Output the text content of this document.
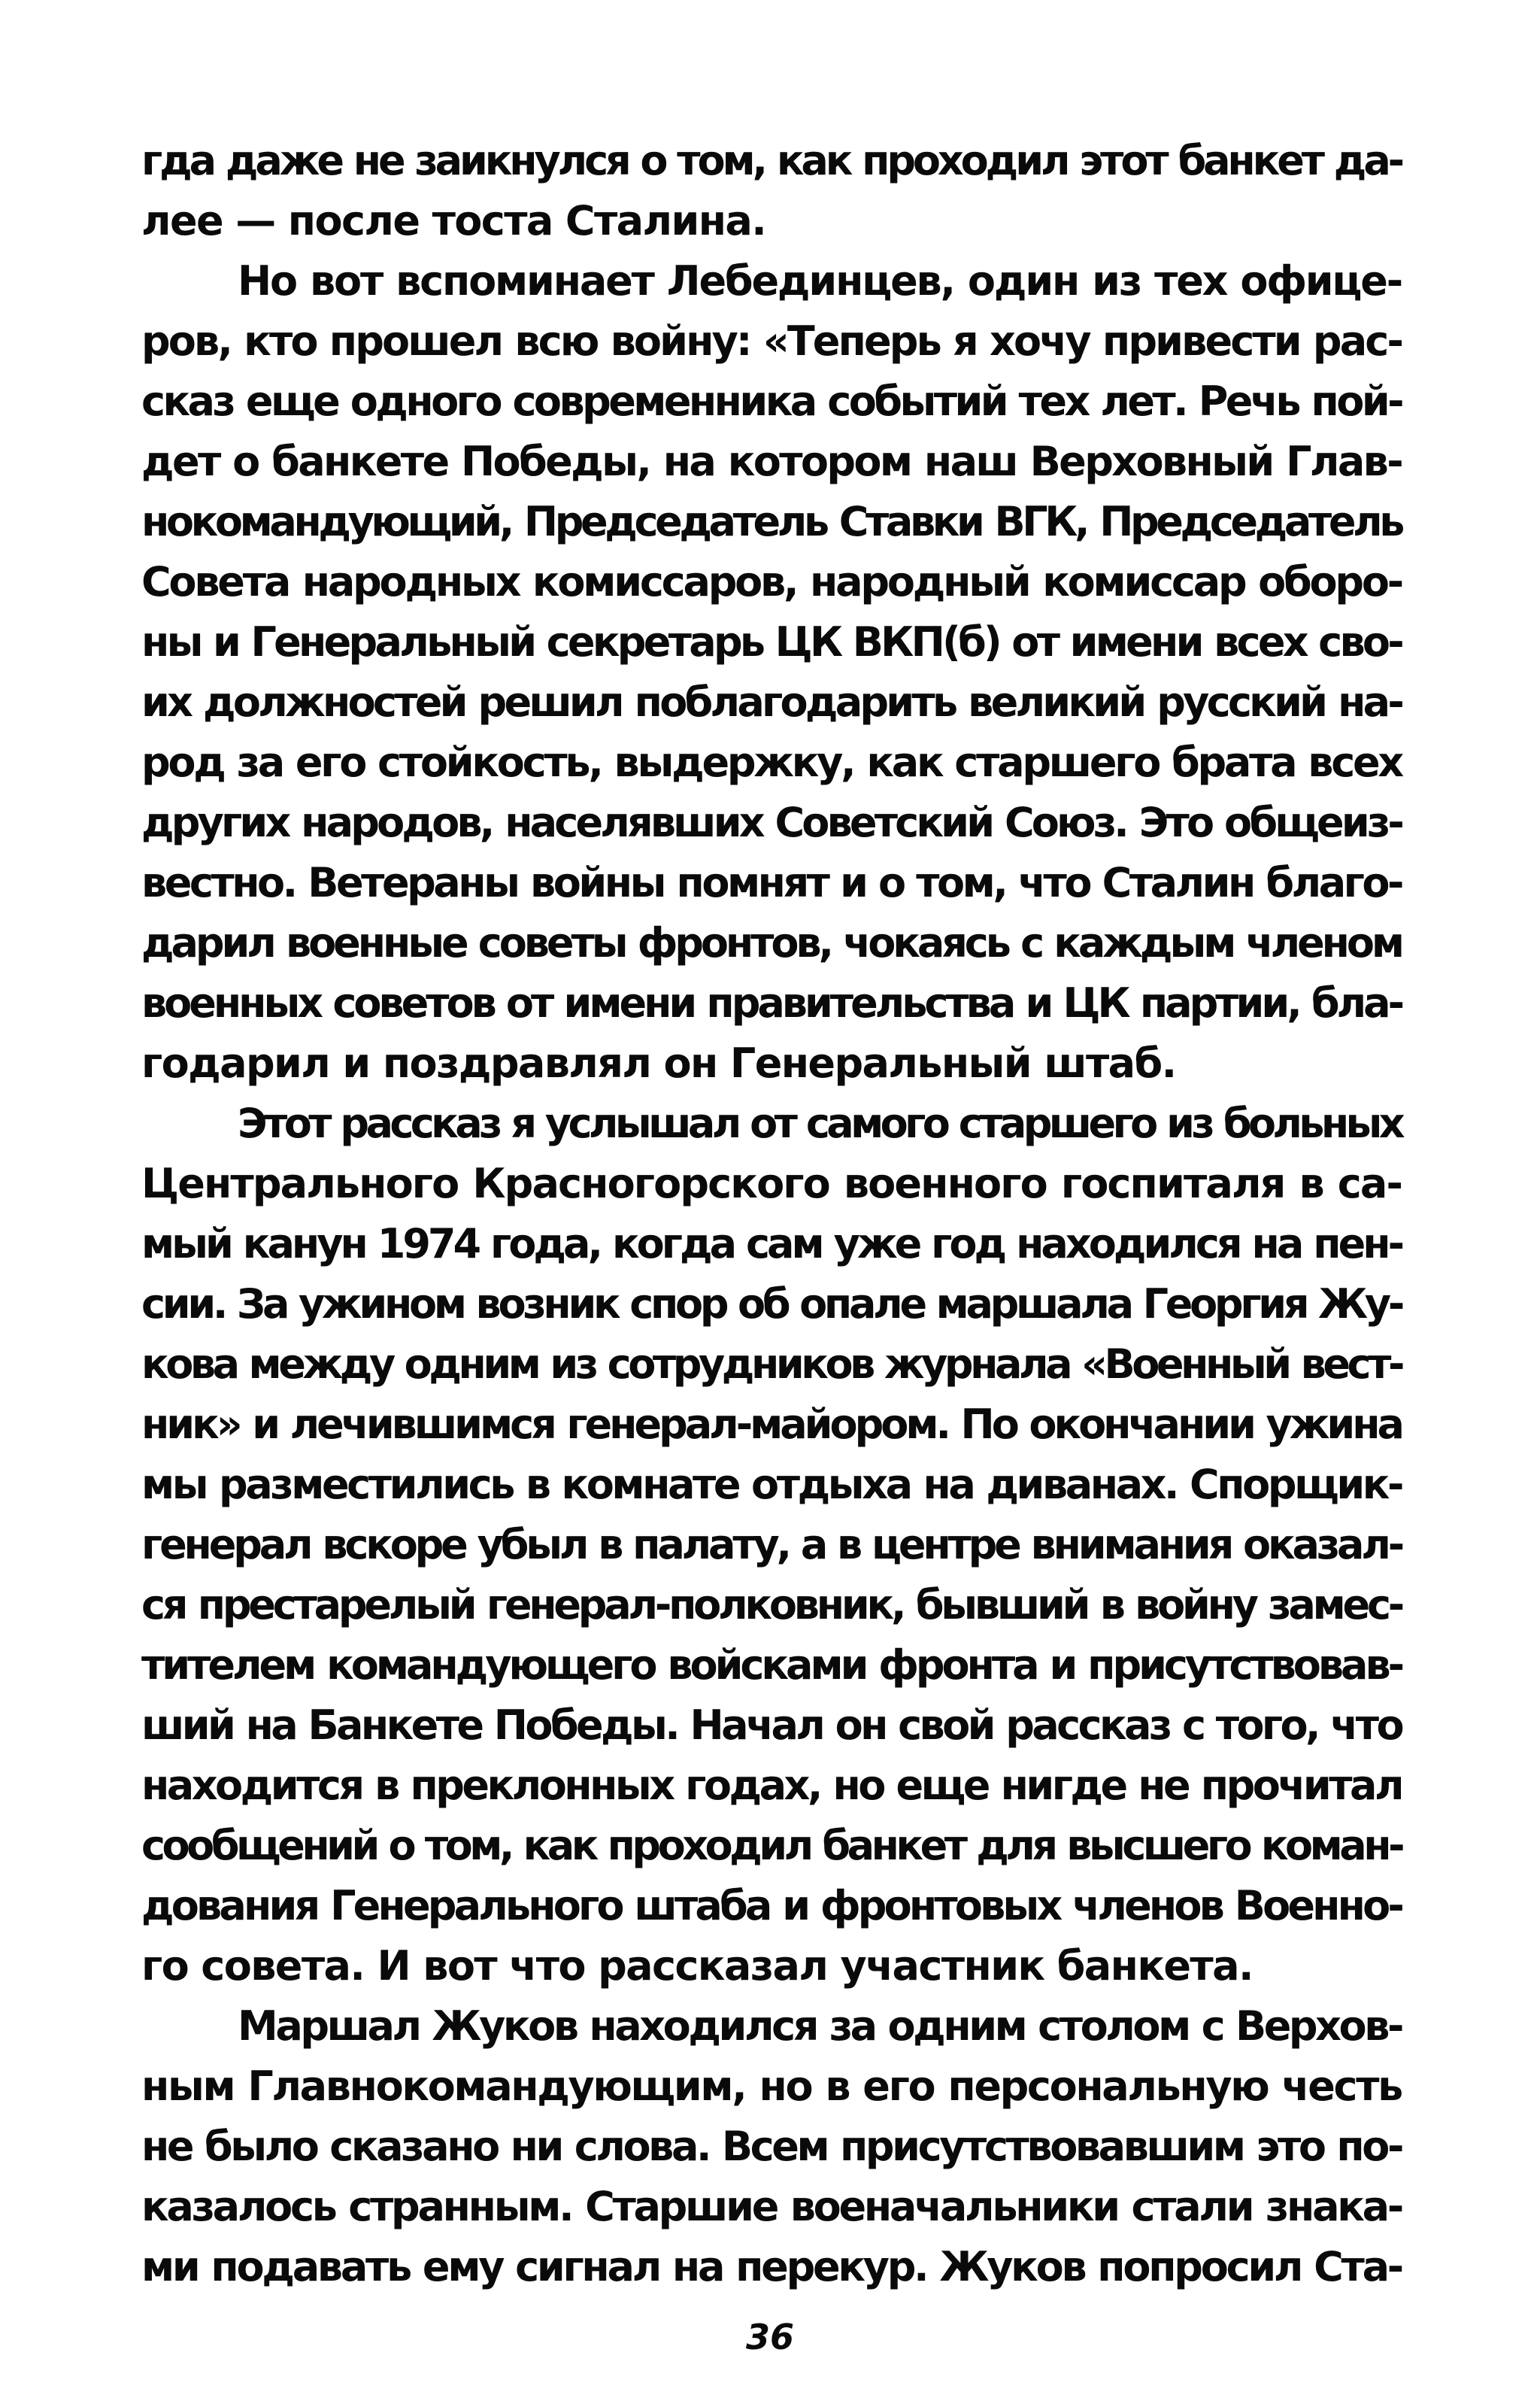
гда даже не заикнулся о том, как проходил этот банкет да-
лее — после тоста Сталина.
Но вот вспоминает Лебединцев, один из тех офице-
ров, кто прошел всю войну: «Теперь я хочу привести рас-
сказ еще одного современника событий тех лет. Речь пой-
дет о банкете Победы, на котором наш Верховный Глав-
нокомандующий, Председатель Ставки ВГК, Председатель
Совета народных комиссаров, народный комиссар оборо-
ны и Генеральный секретарь ЦК ВКП(б) от имени всех сво-
их должностей решил поблагодарить великий русский на-
род за его стойкость, выдержку, как старшего брата всех
других народов, населявших Советский Союз. Это общеиз-
вестно. Ветераны войны помнят и о том, что Сталин благо-
дарил военные советы фронтов, чокаясь с каждым членом
военных советов от имени правительства и ЦК партии, бла-
годарил и поздравлял он Генеральный штаб.
Этот рассказ я услышал от самого старшего из больных
Центрального Красногорского военного госпиталя в са-
мый канун 1974 года, когда сам уже год находился на пен-
сии. За ужином возник спор об опале маршала Георгия Жу-
кова между одним из сотрудников журнала «Военный вест-
ник» и лечившимся генерал-майором. По окончании ужина
мы разместились в комнате отдыха на диванах. Спорщик-
генерал вскоре убыл в палату, а в центре внимания оказал-
ся престарелый генерал-полковник, бывший в войну замес-
тителем командующего войсками фронта и присутствовав-
ший на Банкете Победы. Начал он свой рассказ с того, что
находится в преклонных годах, но еще нигде не прочитал
сообщений о том, как проходил банкет для высшего коман-
дования Генерального штаба и фронтовых членов Военно-
го совета. И вот что рассказал участник банкета.
Маршал Жуков находился за одним столом с Верхов-
ным Главнокомандующим, но в его персональную честь
не было сказано ни слова. Всем присутствовавшим это по-
казалось странным. Старшие военачальники стали знака-
ми подавать ему сигнал на перекур. Жуков попросил Ста-
36
